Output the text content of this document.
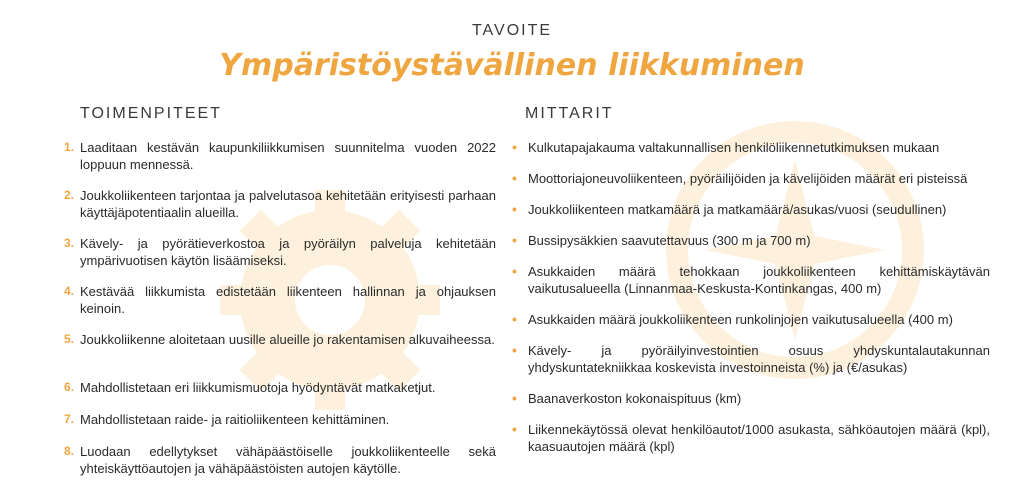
TAVOITE
Ympäristöystävällinen liikkuminen
TOIMENPITEET	MITTARIT
1. Laaditaan kestävän kaupunkiliikkumisen suunnitelma vuoden 2022 loppuun mennessä.
2. Joukkoliikenteen tarjontaa ja palvelutasoa kehitetään erityisesti parhaan käyttäjäpotentiaalin alueilla.
3. Kävely- ja pyörätieverkostoa ja pyöräilyn palveluja kehitetään ympärivuotisen käytön lisäämiseksi.
4. Kestävää liikkumista edistetään liikenteen hallinnan ja ohjauksen keinoin.
5. Joukkoliikenne aloitetaan uusille alueille jo rakentamisen alkuvaiheessa.
6. Mahdollistetaan eri liikkumismuotoja hyödyntävät matkaketjut.
7. Mahdollistetaan raide- ja raitioliikenteen kehittäminen.
8. Luodaan edellytykset vähäpäästöiselle joukkoliikenteelle sekä yhteiskäyttöautojen ja vähäpäästöisten autojen käytölle.
• Kulkutapajakauma valtakunnallisen henkilöliikennetutkimuksen mukaan
• Moottoriajoneuvoliikenteen, pyöräilijöiden ja kävelijöiden määrät eri pisteissä
• Joukkoliikenteen matkamäärä ja matkamäärä/asukas/vuosi (seudullinen)
• Bussipysäkkien saavutettavuus (300 m ja 700 m)
• Asukkaiden määrä tehokkaan joukkoliikenteen kehittämiskäytävän vaikutusalueella (Linnanmaa-Keskusta-Kontinkangas, 400 m)
• Asukkaiden määrä joukkoliikenteen runkolinjojen vaikutusalueella (400 m)
• Kävely- ja pyöräilyinvestointien osuus yhdyskuntalautakunnan yhdyskuntatekniikkaa koskevista investoinneista (%) ja (€/asukas)
• Baanaverkoston kokonaispituus (km)
• Liikennekäytössä olevat henkilöautot/1000 asukasta, sähköautojen määrä (kpl), kaasuautojen määrä (kpl)
